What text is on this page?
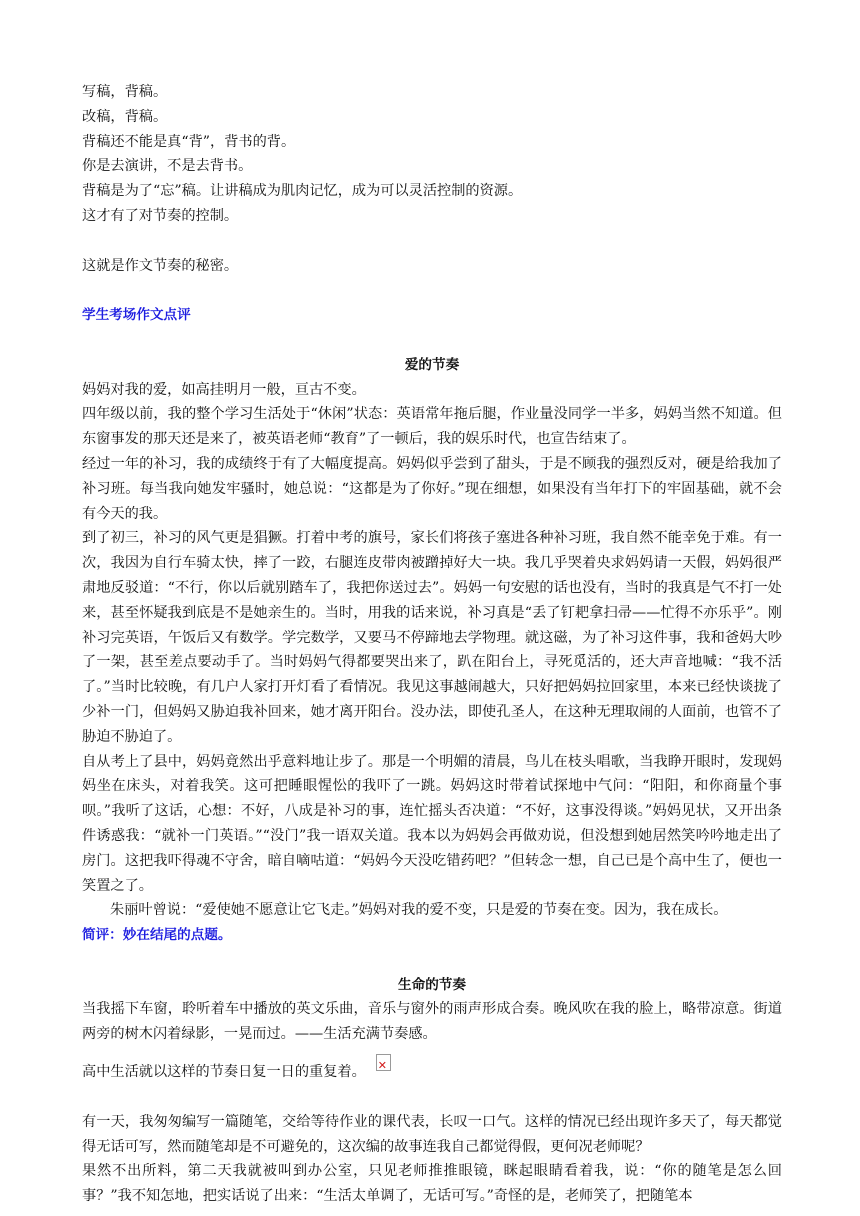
写稿，背稿。
改稿，背稿。
背稿还不能是真“背”，背书的背。
你是去演讲，不是去背书。
背稿是为了“忘”稿。让讲稿成为肌肉记忆，成为可以灵活控制的资源。
这才有了对节奏的控制。
这就是作文节奏的秘密。
学生考场作文点评
爱的节奏
妈妈对我的爱，如高挂明月一般，亘古不变。
四年级以前，我的整个学习生活处于“休闲”状态：英语常年拖后腿，作业量没同学一半多，妈妈当然不知道。但东窗事发的那天还是来了，被英语老师“教育”了一顿后，我的娱乐时代，也宣告结束了。
经过一年的补习，我的成绩终于有了大幅度提高。妈妈似乎尝到了甜头，于是不顾我的强烈反对，硬是给我加了补习班。每当我向她发牢骚时，她总说：“这都是为了你好。”现在细想，如果没有当年打下的牢固基础，就不会有今天的我。
到了初三，补习的风气更是猖獗。打着中考的旗号，家长们将孩子塞进各种补习班，我自然不能幸免于难。有一次，我因为自行车骑太快，摔了一跤，右腿连皮带肉被蹭掉好大一块。我几乎哭着央求妈妈请一天假，妈妈很严肃地反驳道：“不行，你以后就别踏车了，我把你送过去”。妈妈一句安慰的话也没有，当时的我真是气不打一处来，甚至怀疑我到底是不是她亲生的。当时，用我的话来说，补习真是“丢了钉耙拿扫帚——忙得不亦乐乎”。刚补习完英语，午饭后又有数学。学完数学，又要马不停蹄地去学物理。就这磁，为了补习这件事，我和爸妈大吵了一架，甚至差点要动手了。当时妈妈气得都要哭出来了，趴在阳台上，寻死觅活的，还大声音地喊：“我不活了。”当时比较晚，有几户人家打开灯看了看情况。我见这事越闹越大，只好把妈妈拉回家里，本来已经快谈拢了少补一门，但妈妈又胁迫我补回来，她才离开阳台。没办法，即使孔圣人，在这种无理取闹的人面前，也管不了胁迫不胁迫了。
自从考上了县中，妈妈竟然出乎意料地让步了。那是一个明媚的清晨，鸟儿在枝头唱歌，当我睁开眼时，发现妈妈坐在床头，对着我笑。这可把睡眼惺忪的我吓了一跳。妈妈这时带着试探地中气问：“阳阳，和你商量个事呗。”我听了这话，心想：不好，八成是补习的事，连忙摇头否决道：“不好，这事没得谈。”妈妈见状，又开出条件诱惑我：“就补一门英语。”“没门”我一语双关道。我本以为妈妈会再做劝说，但没想到她居然笑吟吟地走出了房门。这把我吓得魂不守舍，暗自嘀咕道：“妈妈今天没吃错药吧？”但转念一想，自己已是个高中生了，便也一笑置之了。
朱丽叶曾说：“爱使她不愿意让它飞走。”妈妈对我的爱不变，只是爱的节奏在变。因为，我在成长。
简评：妙在结尾的点题。
生命的节奏
当我摇下车窗，聆听着车中播放的英文乐曲，音乐与窗外的雨声形成合奏。晚风吹在我的脸上，略带凉意。街道两旁的树木闪着绿影，一晃而过。——生活充满节奏感。
高中生活就以这样的节奏日复一日的重复着。
✕
有一天，我匆匆编写一篇随笔，交给等待作业的课代表，长叹一口气。这样的情况已经出现许多天了，每天都觉得无话可写，然而随笔却是不可避免的，这次编的故事连我自己都觉得假，更何况老师呢？
果然不出所料，第二天我就被叫到办公室，只见老师推推眼镜，眯起眼睛看着我，说：“你的随笔是怎么回事？”我不知怎地，把实话说了出来：“生活太单调了，无话可写。”奇怪的是，老师笑了，把随笔本
